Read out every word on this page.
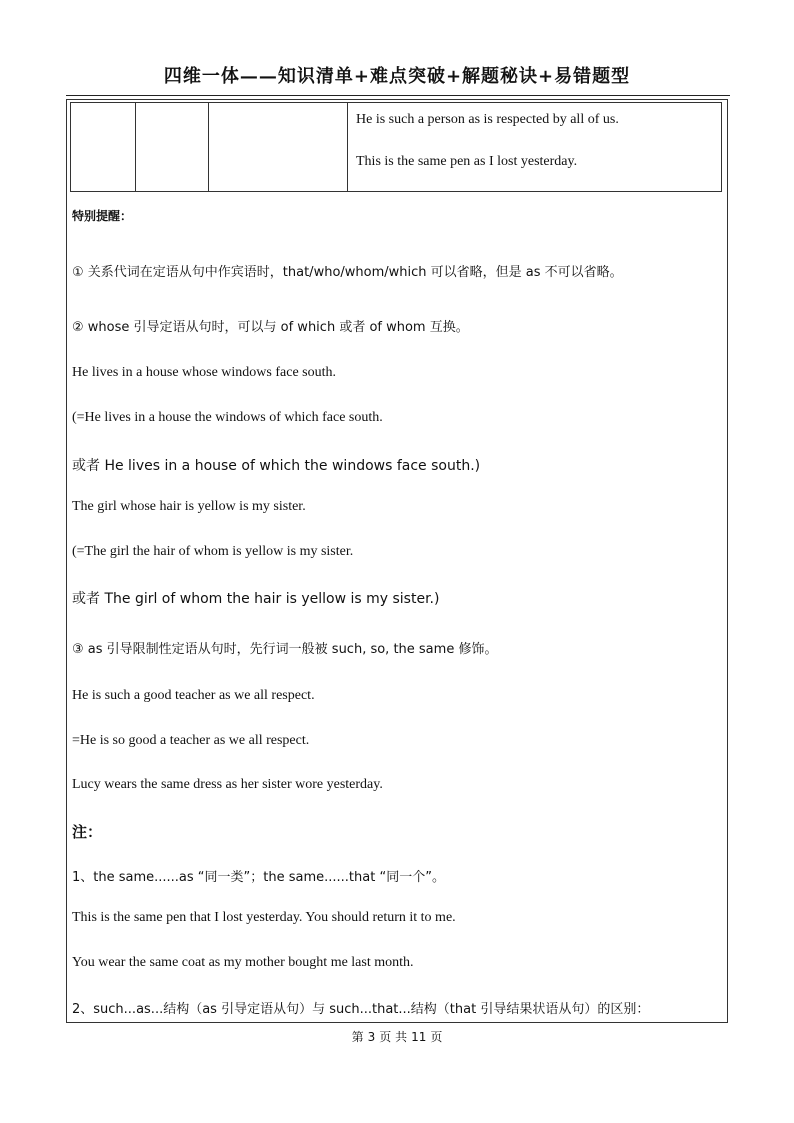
四维一体——知识清单+难点突破+解题秘诀+易错题型

He is such a person as is respected by all of us.

This is the same pen as I lost yesterday.

特别提醒：
① 关系代词在定语从句中作宾语时，that/who/whom/which 可以省略，但是 as 不可以省略。
② whose 引导定语从句时，可以与 of which 或者 of whom 互换。
He lives in a house whose windows face south.
(=He lives in a house the windows of which face south.
或者 He lives in a house of which the windows face south.)
The girl whose hair is yellow is my sister.
(=The girl the hair of whom is yellow is my sister.
或者 The girl of whom the hair is yellow is my sister.)
③ as 引导限制性定语从句时，先行词一般被 such, so, the same 修饰。
He is such a good teacher as we all respect.
=He is so good a teacher as we all respect.
Lucy wears the same dress as her sister wore yesterday.
注：
1、the same......as “同一类”；the same......that “同一个”。
This is the same pen that I lost yesterday. You should return it to me.
You wear the same coat as my mother bought me last month.
2、such...as...结构（as 引导定语从句）与 such...that...结构（that 引导结果状语从句）的区别：
第 3 页 共 11 页
